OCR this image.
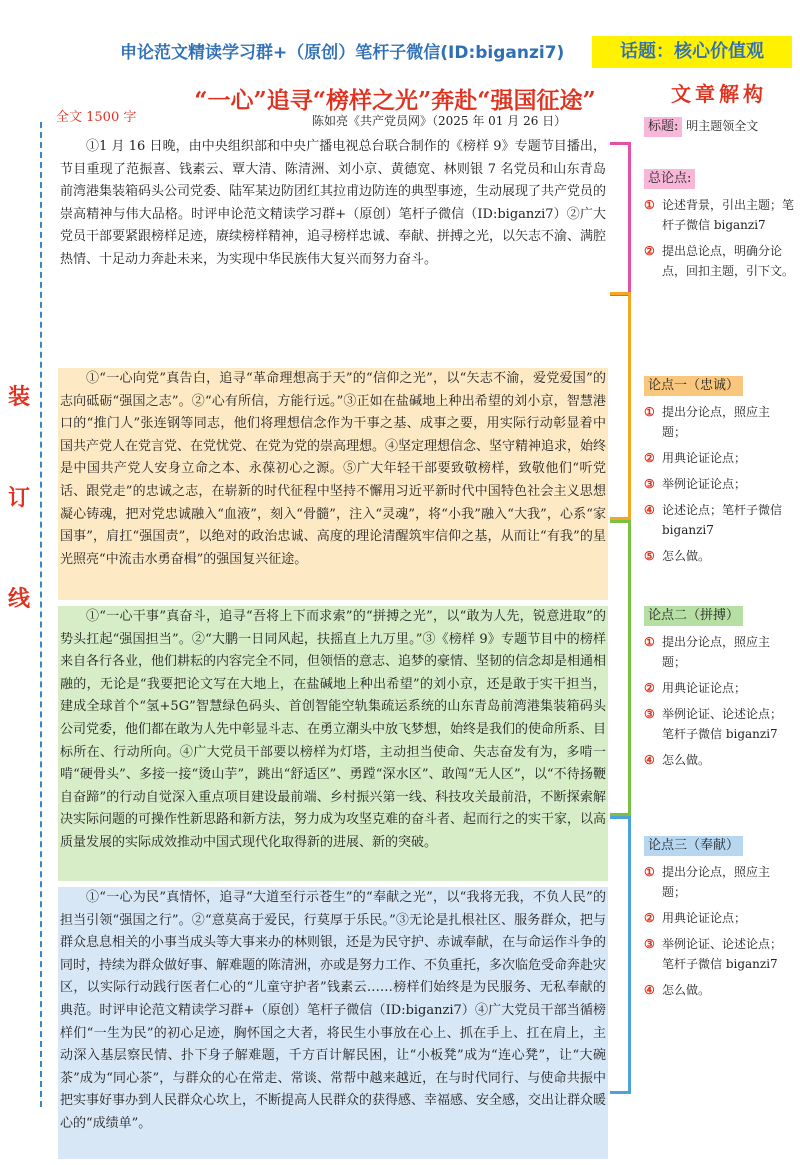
申论范文精读学习群+（原创）笔杆子微信(ID:biganzi7)	话题：核心价值观
“一心”追寻“榜样之光”奔赴“强国征途”
全文 1500 字	陈如亮《共产党员网》（2025 年 01 月 26 日）
装
订
线

①1 月 16 日晚，由中央组织部和中央广播电视总台联合制作的《榜样 9》专题节目播出，节目重现了范振喜、钱素云、覃大清、陈清洲、刘小京、黄德宽、林则银 7 名党员和山东青岛前湾港集装箱码头公司党委、陆军某边防团红其拉甫边防连的典型事迹，生动展现了共产党员的崇高精神与伟大品格。时评申论范文精读学习群+（原创）笔杆子微信（ID:biganzi7）②广大党员干部要紧跟榜样足迹，赓续榜样精神，追寻榜样忠诚、奉献、拼搏之光，以矢志不渝、满腔热情、十足动力奔赴未来，为实现中华民族伟大复兴而努力奋斗。

①“一心向党”真告白，追寻“革命理想高于天”的“信仰之光”，以“矢志不渝，爱党爱国”的志向砥砺“强国之志”。②“心有所信，方能行远。”③正如在盐碱地上种出希望的刘小京，智慧港口的“推门人”张连钢等同志，他们将理想信念作为干事之基、成事之要，用实际行动彰显着中国共产党人在党言党、在党忧党、在党为党的崇高理想。④坚定理想信念、坚守精神追求，始终是中国共产党人安身立命之本、永葆初心之源。⑤广大年轻干部要致敬榜样，致敬他们“听党话、跟党走”的忠诚之志，在崭新的时代征程中坚持不懈用习近平新时代中国特色社会主义思想凝心铸魂，把对党忠诚融入“血液”，刻入“骨髓”，注入“灵魂”，将“小我”融入“大我”，心系“家国事”，肩扛“强国责”，以绝对的政治忠诚、高度的理论清醒筑牢信仰之基，从而让“有我”的星光照亮“中流击水勇奋楫”的强国复兴征途。

①“一心干事”真奋斗，追寻“吾将上下而求索”的“拼搏之光”，以“敢为人先，锐意进取”的势头扛起“强国担当”。②“大鹏一日同风起，扶摇直上九万里。”③《榜样 9》专题节目中的榜样来自各行各业，他们耕耘的内容完全不同，但领悟的意志、追梦的豪情、坚韧的信念却是相通相融的，无论是“我要把论文写在大地上，在盐碱地上种出希望”的刘小京，还是敢于实干担当，建成全球首个“氢+5G”智慧绿色码头、首创智能空轨集疏运系统的山东青岛前湾港集装箱码头公司党委，他们都在敢为人先中彰显斗志、在勇立潮头中放飞梦想，始终是我们的使命所系、目标所在、行动所向。④广大党员干部要以榜样为灯塔，主动担当使命、失志奋发有为，多啃一啃“硬骨头”、多接一接“烫山芋”，跳出“舒适区”、勇蹚“深水区”、敢闯“无人区”，以“不待扬鞭自奋蹄”的行动自觉深入重点项目建设最前端、乡村振兴第一线、科技攻关最前沿，不断探索解决实际问题的可操作性新思路和新方法，努力成为攻坚克难的奋斗者、起而行之的实干家，以高质量发展的实际成效推动中国式现代化取得新的进展、新的突破。

①“一心为民”真情怀，追寻“大道至行示苍生”的“奉献之光”，以“我将无我，不负人民”的担当引领“强国之行”。②“意莫高于爱民，行莫厚于乐民。”③无论是扎根社区、服务群众，把与群众息息相关的小事当成头等大事来办的林则银，还是为民守护、赤诚奉献，在与命运作斗争的同时，持续为群众做好事、解难题的陈清洲，亦或是努力工作、不负重托，多次临危受命奔赴灾区，以实际行动践行医者仁心的“儿童守护者”钱素云……榜样们始终是为民服务、无私奉献的典范。时评申论范文精读学习群+（原创）笔杆子微信（ID:biganzi7）④广大党员干部当循榜样们“一生为民”的初心足迹，胸怀国之大者，将民生小事放在心上、抓在手上、扛在肩上，主动深入基层察民情、扑下身子解难题，千方百计解民困，让“小板凳”成为“连心凳”，让“大碗茶”成为“同心茶”，与群众的心在常走、常谈、常帮中越来越近，在与时代同行、与使命共振中把实事好事办到人民群众心坎上，不断提高人民群众的获得感、幸福感、安全感，交出让群众暖心的“成绩单”。

文章解构
标题: 明主题领全文
总论点:
① 论述背景，引出主题；笔杆子微信 biganzi7
② 提出总论点，明确分论点，回扣主题，引下文。
论点一（忠诚）
① 提出分论点，照应主题；
② 用典论证论点；
③ 举例论证论点；
④ 论述论点；笔杆子微信 biganzi7
⑤ 怎么做。
论点二（拼搏）
① 提出分论点，照应主题；
② 用典论证论点；
③ 举例论证、论述论点；笔杆子微信 biganzi7
④ 怎么做。
论点三（奉献）
① 提出分论点，照应主题；
② 用典论证论点；
③ 举例论证、论述论点；笔杆子微信 biganzi7
④ 怎么做。
